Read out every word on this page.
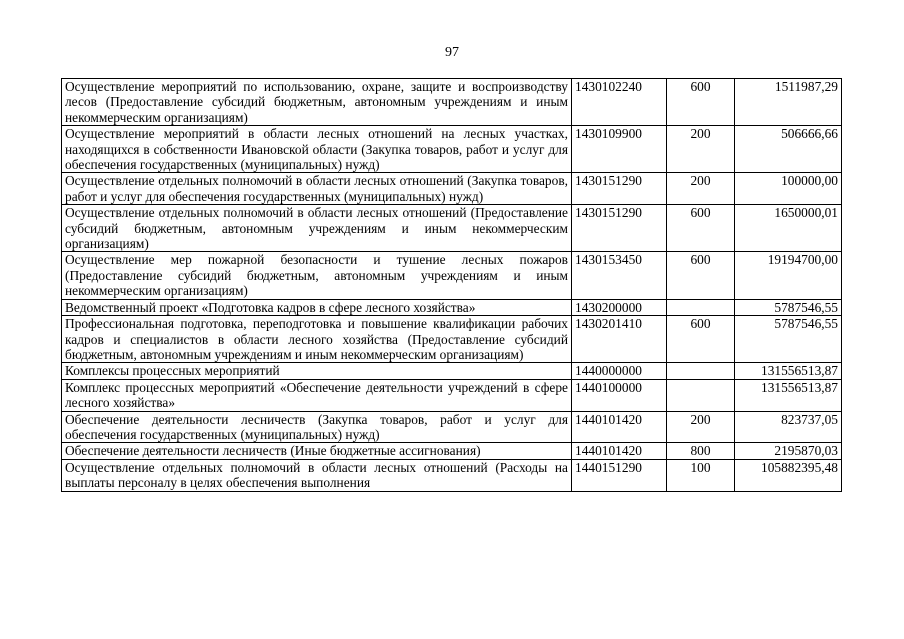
97
Осуществление мероприятий по использованию, охране, защите и воспроизводству лесов (Предоставление субсидий бюджетным, автономным учреждениям и иным некоммерческим организациям)	1430102240	600	1511987,29
Осуществление мероприятий в области лесных отношений на лесных участках, находящихся в собственности Ивановской области (Закупка товаров, работ и услуг для обеспечения государственных (муниципальных) нужд)	1430109900	200	506666,66
Осуществление отдельных полномочий в области лесных отношений (Закупка товаров, работ и услуг для обеспечения государственных (муниципальных) нужд)	1430151290	200	100000,00
Осуществление отдельных полномочий в области лесных отношений (Предоставление субсидий бюджетным, автономным учреждениям и иным некоммерческим организациям)	1430151290	600	1650000,01
Осуществление мер пожарной безопасности и тушение лесных пожаров (Предоставление субсидий бюджетным, автономным учреждениям и иным некоммерческим организациям)	1430153450	600	19194700,00
Ведомственный проект «Подготовка кадров в сфере лесного хозяйства»	1430200000		5787546,55
Профессиональная подготовка, переподготовка и повышение квалификации рабочих кадров и специалистов в области лесного хозяйства (Предоставление субсидий бюджетным, автономным учреждениям и иным некоммерческим организациям)	1430201410	600	5787546,55
Комплексы процессных мероприятий	1440000000		131556513,87
Комплекс процессных мероприятий «Обеспечение деятельности учреждений в сфере лесного хозяйства»	1440100000		131556513,87
Обеспечение деятельности лесничеств (Закупка товаров, работ и услуг для обеспечения государственных (муниципальных) нужд)	1440101420	200	823737,05
Обеспечение деятельности лесничеств (Иные бюджетные ассигнования)	1440101420	800	2195870,03
Осуществление отдельных полномочий в области лесных отношений (Расходы на выплаты персоналу в целях обеспечения выполнения	1440151290	100	105882395,48
